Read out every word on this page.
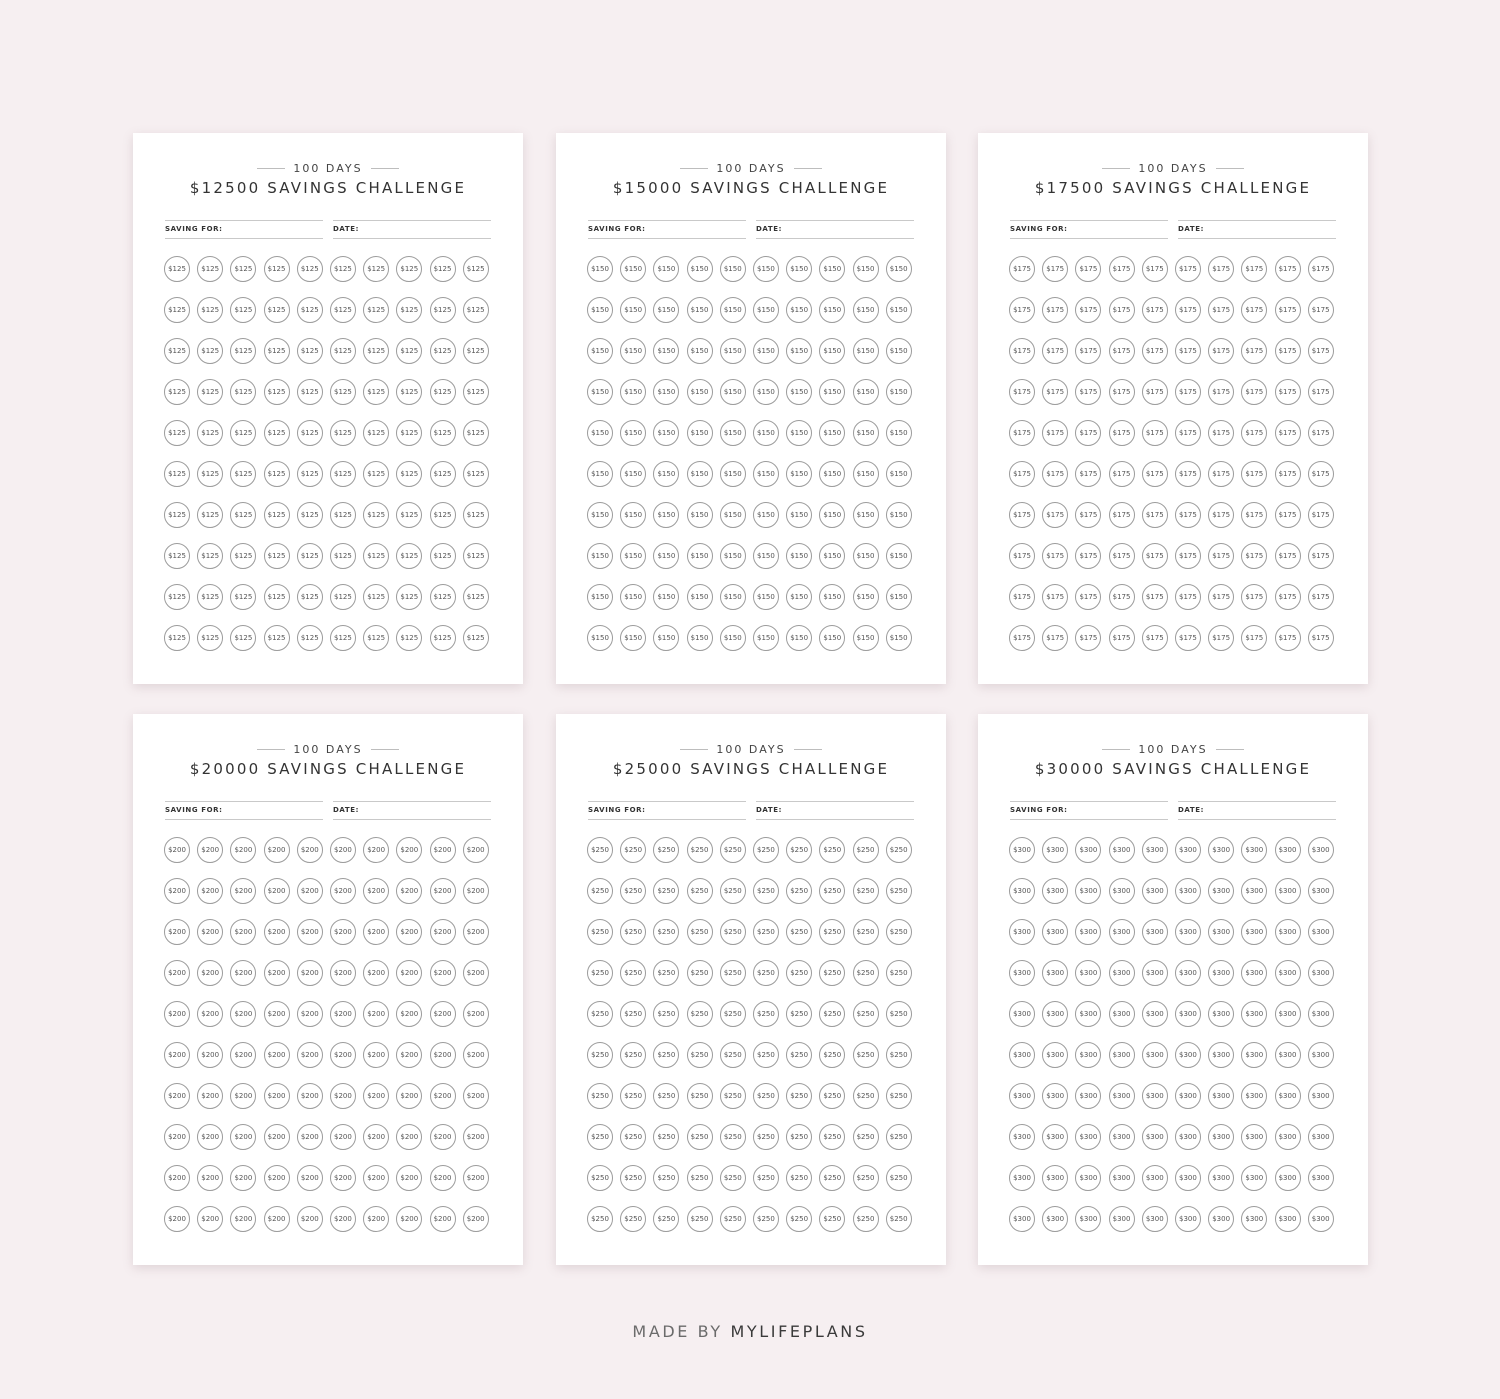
100 DAYS
$12500 SAVINGS CHALLENGE
SAVING FOR:	DATE:
$125	$125	$125	$125	$125	$125	$125	$125	$125	$125
$125	$125	$125	$125	$125	$125	$125	$125	$125	$125
$125	$125	$125	$125	$125	$125	$125	$125	$125	$125
$125	$125	$125	$125	$125	$125	$125	$125	$125	$125
$125	$125	$125	$125	$125	$125	$125	$125	$125	$125
$125	$125	$125	$125	$125	$125	$125	$125	$125	$125
$125	$125	$125	$125	$125	$125	$125	$125	$125	$125
$125	$125	$125	$125	$125	$125	$125	$125	$125	$125
$125	$125	$125	$125	$125	$125	$125	$125	$125	$125
$125	$125	$125	$125	$125	$125	$125	$125	$125	$125
100 DAYS
$15000 SAVINGS CHALLENGE
SAVING FOR:	DATE:
$150	$150	$150	$150	$150	$150	$150	$150	$150	$150
$150	$150	$150	$150	$150	$150	$150	$150	$150	$150
$150	$150	$150	$150	$150	$150	$150	$150	$150	$150
$150	$150	$150	$150	$150	$150	$150	$150	$150	$150
$150	$150	$150	$150	$150	$150	$150	$150	$150	$150
$150	$150	$150	$150	$150	$150	$150	$150	$150	$150
$150	$150	$150	$150	$150	$150	$150	$150	$150	$150
$150	$150	$150	$150	$150	$150	$150	$150	$150	$150
$150	$150	$150	$150	$150	$150	$150	$150	$150	$150
$150	$150	$150	$150	$150	$150	$150	$150	$150	$150
100 DAYS
$17500 SAVINGS CHALLENGE
SAVING FOR:	DATE:
$175	$175	$175	$175	$175	$175	$175	$175	$175	$175
$175	$175	$175	$175	$175	$175	$175	$175	$175	$175
$175	$175	$175	$175	$175	$175	$175	$175	$175	$175
$175	$175	$175	$175	$175	$175	$175	$175	$175	$175
$175	$175	$175	$175	$175	$175	$175	$175	$175	$175
$175	$175	$175	$175	$175	$175	$175	$175	$175	$175
$175	$175	$175	$175	$175	$175	$175	$175	$175	$175
$175	$175	$175	$175	$175	$175	$175	$175	$175	$175
$175	$175	$175	$175	$175	$175	$175	$175	$175	$175
$175	$175	$175	$175	$175	$175	$175	$175	$175	$175
100 DAYS
$20000 SAVINGS CHALLENGE
SAVING FOR:	DATE:
$200	$200	$200	$200	$200	$200	$200	$200	$200	$200
$200	$200	$200	$200	$200	$200	$200	$200	$200	$200
$200	$200	$200	$200	$200	$200	$200	$200	$200	$200
$200	$200	$200	$200	$200	$200	$200	$200	$200	$200
$200	$200	$200	$200	$200	$200	$200	$200	$200	$200
$200	$200	$200	$200	$200	$200	$200	$200	$200	$200
$200	$200	$200	$200	$200	$200	$200	$200	$200	$200
$200	$200	$200	$200	$200	$200	$200	$200	$200	$200
$200	$200	$200	$200	$200	$200	$200	$200	$200	$200
$200	$200	$200	$200	$200	$200	$200	$200	$200	$200
100 DAYS
$25000 SAVINGS CHALLENGE
SAVING FOR:	DATE:
$250	$250	$250	$250	$250	$250	$250	$250	$250	$250
$250	$250	$250	$250	$250	$250	$250	$250	$250	$250
$250	$250	$250	$250	$250	$250	$250	$250	$250	$250
$250	$250	$250	$250	$250	$250	$250	$250	$250	$250
$250	$250	$250	$250	$250	$250	$250	$250	$250	$250
$250	$250	$250	$250	$250	$250	$250	$250	$250	$250
$250	$250	$250	$250	$250	$250	$250	$250	$250	$250
$250	$250	$250	$250	$250	$250	$250	$250	$250	$250
$250	$250	$250	$250	$250	$250	$250	$250	$250	$250
$250	$250	$250	$250	$250	$250	$250	$250	$250	$250
100 DAYS
$30000 SAVINGS CHALLENGE
SAVING FOR:	DATE:
$300	$300	$300	$300	$300	$300	$300	$300	$300	$300
$300	$300	$300	$300	$300	$300	$300	$300	$300	$300
$300	$300	$300	$300	$300	$300	$300	$300	$300	$300
$300	$300	$300	$300	$300	$300	$300	$300	$300	$300
$300	$300	$300	$300	$300	$300	$300	$300	$300	$300
$300	$300	$300	$300	$300	$300	$300	$300	$300	$300
$300	$300	$300	$300	$300	$300	$300	$300	$300	$300
$300	$300	$300	$300	$300	$300	$300	$300	$300	$300
$300	$300	$300	$300	$300	$300	$300	$300	$300	$300
$300	$300	$300	$300	$300	$300	$300	$300	$300	$300
MADE BY MYLIFEPLANS
